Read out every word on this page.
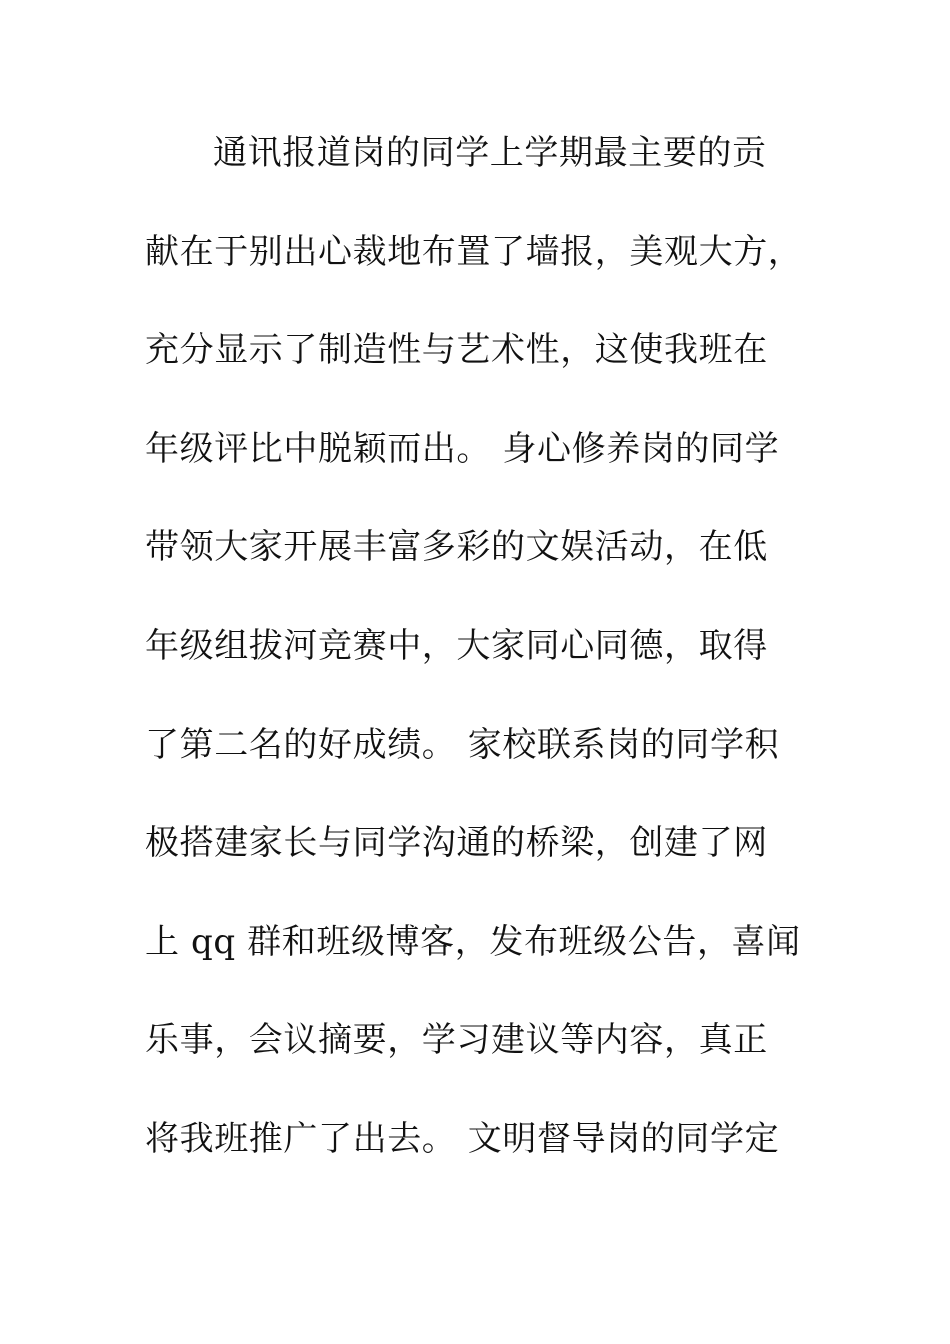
通讯报道岗的同学上学期最主要的贡
献在于别出心裁地布置了墙报，美观大方，
充分显示了制造性与艺术性，这使我班在
年级评比中脱颖而出。 身心修养岗的同学
带领大家开展丰富多彩的文娱活动，在低
年级组拔河竞赛中，大家同心同德，取得
了第二名的好成绩。 家校联系岗的同学积
极搭建家长与同学沟通的桥梁，创建了网
上 qq 群和班级博客，发布班级公告，喜闻
乐事，会议摘要，学习建议等内容，真正
将我班推广了出去。 文明督导岗的同学定
